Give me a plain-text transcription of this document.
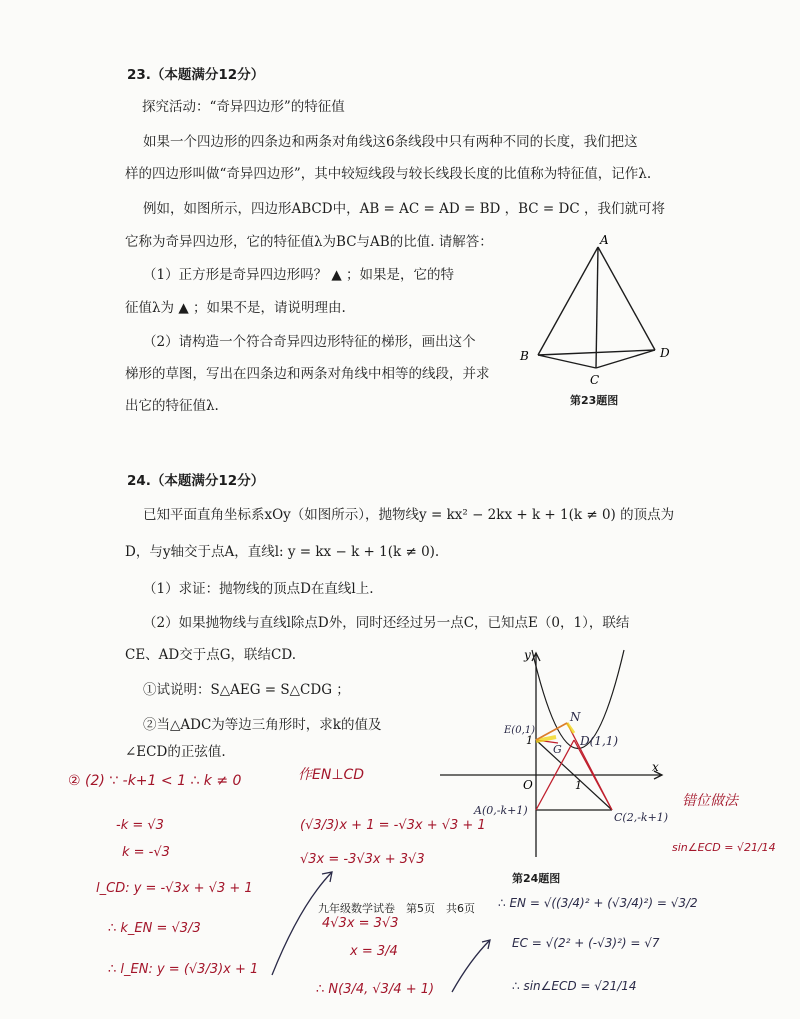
23.（本题满分12分）
探究活动：“奇异四边形”的特征值
如果一个四边形的四条边和两条对角线这6条线段中只有两种不同的长度，我们把这
样的四边形叫做“奇异四边形”，其中较短线段与较长线段长度的比值称为特征值，记作λ.
例如，如图所示，四边形ABCD中，AB = AC = AD = BD ，BC = DC ，我们就可将
它称为奇异四边形，它的特征值λ为BC与AB的比值. 请解答：
（1）正方形是奇异四边形吗？ ▲ ；如果是，它的特
征值λ为 ▲ ；如果不是，请说明理由.
（2）请构造一个符合奇异四边形特征的梯形，画出这个
梯形的草图，写出在四条边和两条对角线中相等的线段，并求
出它的特征值λ.
A
B
C
D
第23题图
24.（本题满分12分）
已知平面直角坐标系xOy（如图所示），抛物线y = kx² − 2kx + k + 1(k ≠ 0) 的顶点为
D，与y轴交于点A，直线l: y = kx − k + 1(k ≠ 0).
（1）求证：抛物线的顶点D在直线l上.
（2）如果抛物线与直线l除点D外，同时还经过另一点C，已知点E（0，1），联结
CE、AD交于点G，联结CD.
①试说明：S△AEG = S△CDG ；
②当△ADC为等边三角形时，求k的值及
∠ECD的正弦值.
y
x
O	1
1
E(0,1)
G
N
D(1,1)
A(0,-k+1)
C(2,-k+1)
第24题图
九年级数学试卷　第5页　共6页
② (2) ∵ -k+1 < 1 ∴ k ≠ 0	作EN⊥CD
-k = √3
k = -√3
l_CD: y = -√3x + √3 + 1
∴ k_EN = √3/3
∴ l_EN: y = (√3/3)x + 1
(√3/3)x + 1 = -√3x + √3 + 1
√3x = -3√3x + 3√3
4√3x = 3√3
x = 3/4
∴ N(3/4, √3/4 + 1)
错位做法
sin∠ECD = √21/14
∴ EN = √((3/4)² + (√3/4)²) = √3/2
EC = √(2² + (-√3)²) = √7
∴ sin∠ECD = √21/14
